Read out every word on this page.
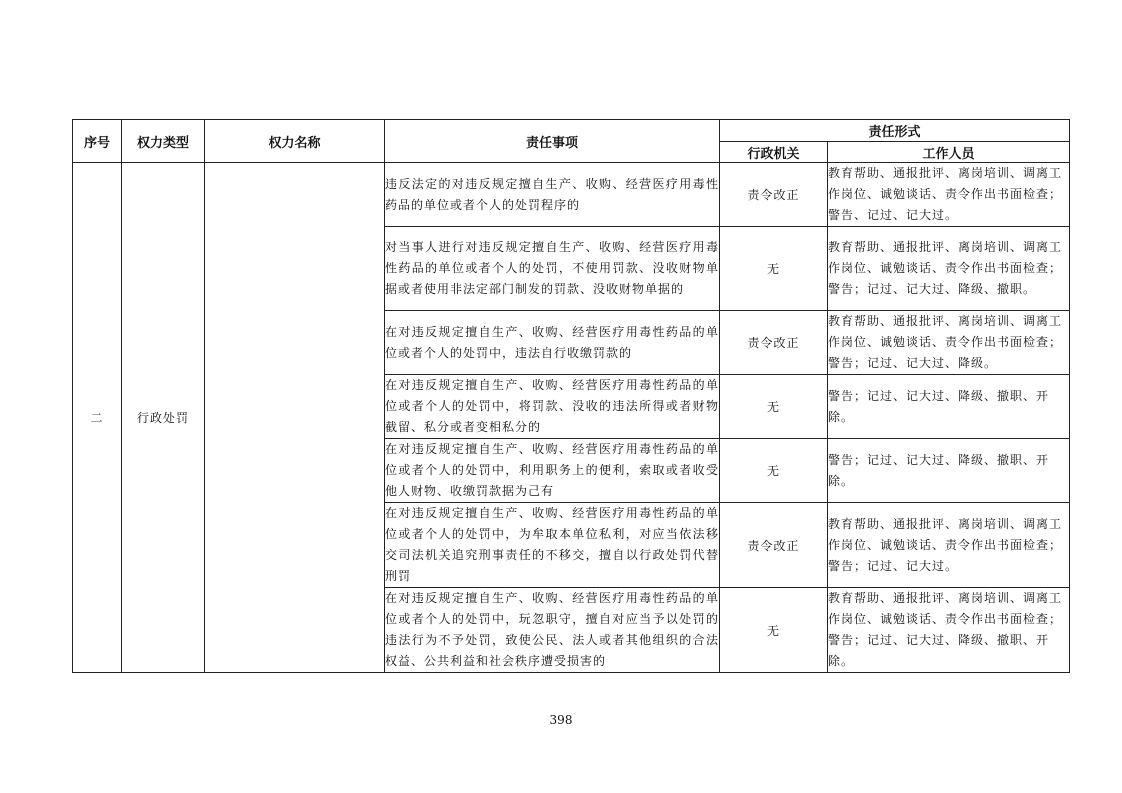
序号	权力类型	权力名称	责任事项	责任形式	
				行政机关	工作人员
二	行政处罚		违反法定的对违反规定擅自生产、收购、经营医疗用毒性药品的单位或者个人的处罚程序的	责令改正	教育帮助、通报批评、离岗培训、调离工作岗位、诚勉谈话、责令作出书面检查；警告、记过、记大过。
			对当事人进行对违反规定擅自生产、收购、经营医疗用毒性药品的单位或者个人的处罚，不使用罚款、没收财物单据或者使用非法定部门制发的罚款、没收财物单据的	无	教育帮助、通报批评、离岗培训、调离工作岗位、诚勉谈话、责令作出书面检查；警告；记过、记大过、降级、撤职。
			在对违反规定擅自生产、收购、经营医疗用毒性药品的单位或者个人的处罚中，违法自行收缴罚款的	责令改正	教育帮助、通报批评、离岗培训、调离工作岗位、诚勉谈话、责令作出书面检查；警告；记过、记大过、降级。
			在对违反规定擅自生产、收购、经营医疗用毒性药品的单位或者个人的处罚中，将罚款、没收的违法所得或者财物截留、私分或者变相私分的	无	警告；记过、记大过、降级、撤职、开除。
			在对违反规定擅自生产、收购、经营医疗用毒性药品的单位或者个人的处罚中，利用职务上的便利，索取或者收受他人财物、收缴罚款据为己有	无	警告；记过、记大过、降级、撤职、开除。
			在对违反规定擅自生产、收购、经营医疗用毒性药品的单位或者个人的处罚中，为牟取本单位私利，对应当依法移交司法机关追究刑事责任的不移交，擅自以行政处罚代替刑罚	责令改正	教育帮助、通报批评、离岗培训、调离工作岗位、诚勉谈话、责令作出书面检查；警告；记过、记大过。
			在对违反规定擅自生产、收购、经营医疗用毒性药品的单位或者个人的处罚中，玩忽职守，擅自对应当予以处罚的违法行为不予处罚，致使公民、法人或者其他组织的合法权益、公共利益和社会秩序遭受损害的	无	教育帮助、通报批评、离岗培训、调离工作岗位、诚勉谈话、责令作出书面检查；警告；记过、记大过、降级、撤职、开除。
398
